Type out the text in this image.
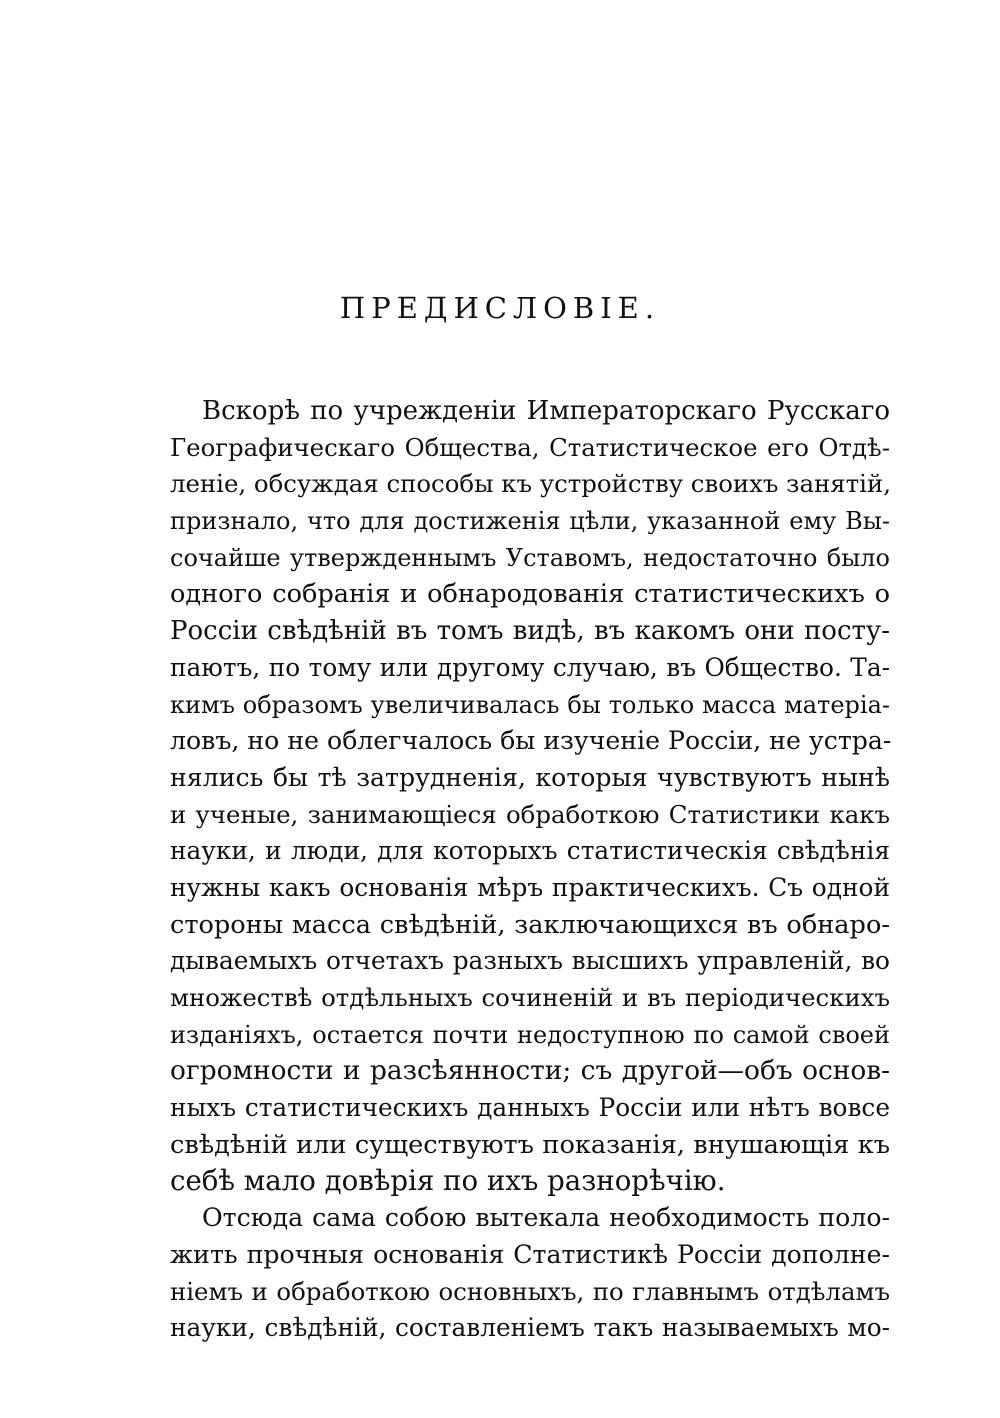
ПРЕДИСЛОВІЕ.
Вскорѣ по учрежденіи Императорскаго Русскаго
Географическаго Общества, Статистическое его Отдѣ-
леніе, обсуждая способы къ устройству своихъ занятій,
признало, что для достиженія цѣли, указанной ему Вы-
сочайше утвержденнымъ Уставомъ, недостаточно было
одного собранія и обнародованія статистическихъ о
Россіи свѣдѣній въ томъ видѣ, въ какомъ они посту-
паютъ, по тому или другому случаю, въ Общество. Та-
кимъ образомъ увеличивалась бы только масса матеріа-
ловъ, но не облегчалось бы изученіе Россіи, не устра-
нялись бы тѣ затрудненія, которыя чувствуютъ нынѣ
и ученые, занимающіеся обработкою Статистики какъ
науки, и люди, для которыхъ статистическія свѣдѣнія
нужны какъ основанія мѣръ практическихъ. Съ одной
стороны масса свѣдѣній, заключающихся въ обнаро-
дываемыхъ отчетахъ разныхъ высшихъ управленій, во
множествѣ отдѣльныхъ сочиненій и въ періодическихъ
изданіяхъ, остается почти недоступною по самой своей
огромности и разсѣянности; съ другой—объ основ-
ныхъ статистическихъ данныхъ Россіи или нѣтъ вовсе
свѣдѣній или существуютъ показанія, внушающія къ
себѣ мало довѣрія по ихъ разнорѣчію.
Отсюда сама собою вытекала необходимость поло-
жить прочныя основанія Статистикѣ Россіи дополне-
ніемъ и обработкою основныхъ, по главнымъ отдѣламъ
науки, свѣдѣній, составленіемъ такъ называемыхъ мо-
